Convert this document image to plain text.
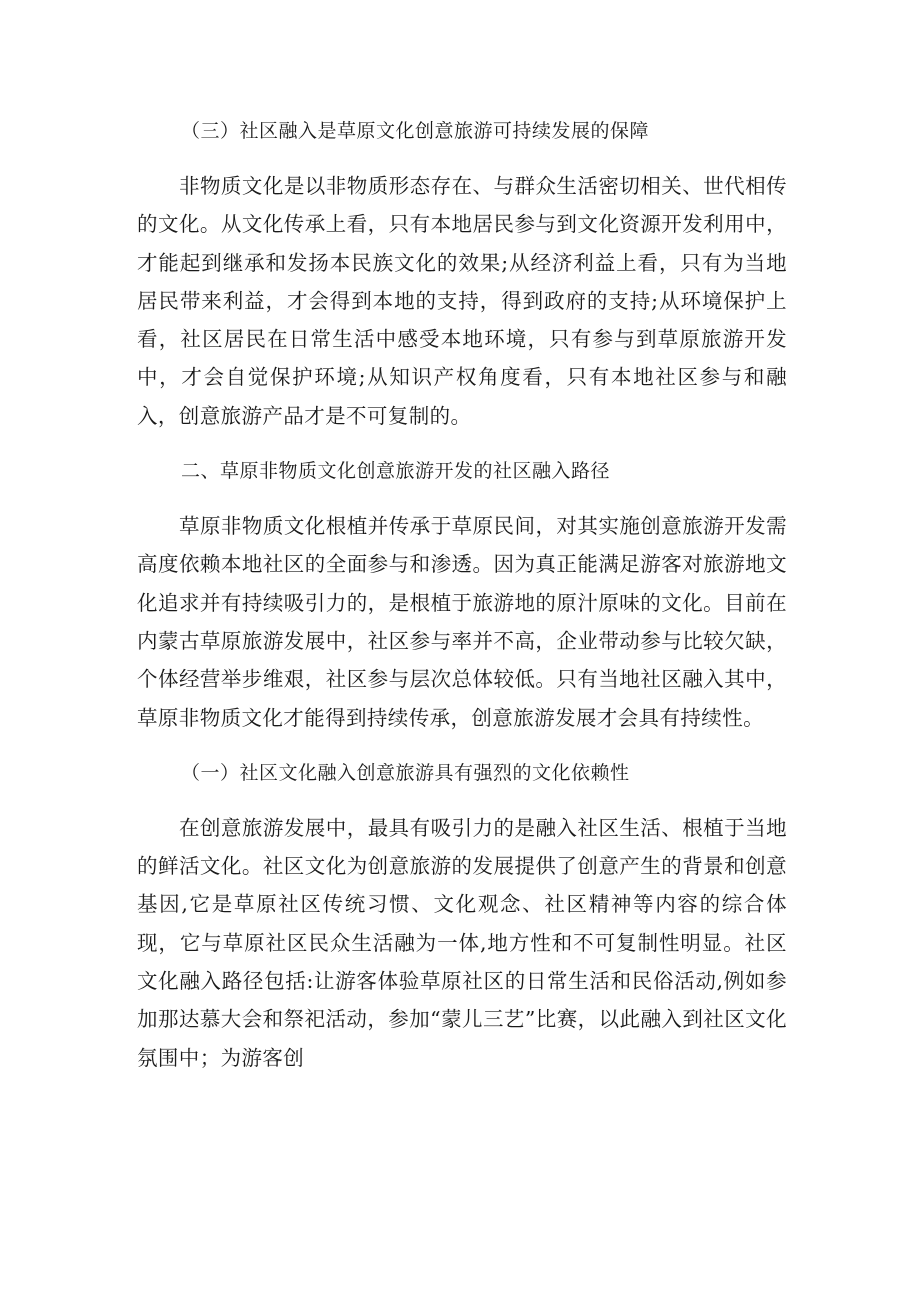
（三）社区融入是草原文化创意旅游可持续发展的保障

非物质文化是以非物质形态存在、与群众生活密切相关、世代相传的文化。从文化传承上看，只有本地居民参与到文化资源开发利用中，才能起到继承和发扬本民族文化的效果;从经济利益上看，只有为当地居民带来利益，才会得到本地的支持，得到政府的支持;从环境保护上看，社区居民在日常生活中感受本地环境，只有参与到草原旅游开发中，才会自觉保护环境;从知识产权角度看，只有本地社区参与和融入，创意旅游产品才是不可复制的。

二、草原非物质文化创意旅游开发的社区融入路径

草原非物质文化根植并传承于草原民间，对其实施创意旅游开发需高度依赖本地社区的全面参与和渗透。因为真正能满足游客对旅游地文化追求并有持续吸引力的，是根植于旅游地的原汁原味的文化。目前在内蒙古草原旅游发展中，社区参与率并不高，企业带动参与比较欠缺，个体经营举步维艰，社区参与层次总体较低。只有当地社区融入其中，草原非物质文化才能得到持续传承，创意旅游发展才会具有持续性。

（一）社区文化融入创意旅游具有强烈的文化依赖性

在创意旅游发展中，最具有吸引力的是融入社区生活、根植于当地的鲜活文化。社区文化为创意旅游的发展提供了创意产生的背景和创意基因,它是草原社区传统习惯、文化观念、社区精神等内容的综合体现，它与草原社区民众生活融为一体,地方性和不可复制性明显。社区文化融入路径包括:让游客体验草原社区的日常生活和民俗活动,例如参加那达慕大会和祭祀活动，参加“蒙儿三艺”比赛，以此融入到社区文化氛围中；为游客创
